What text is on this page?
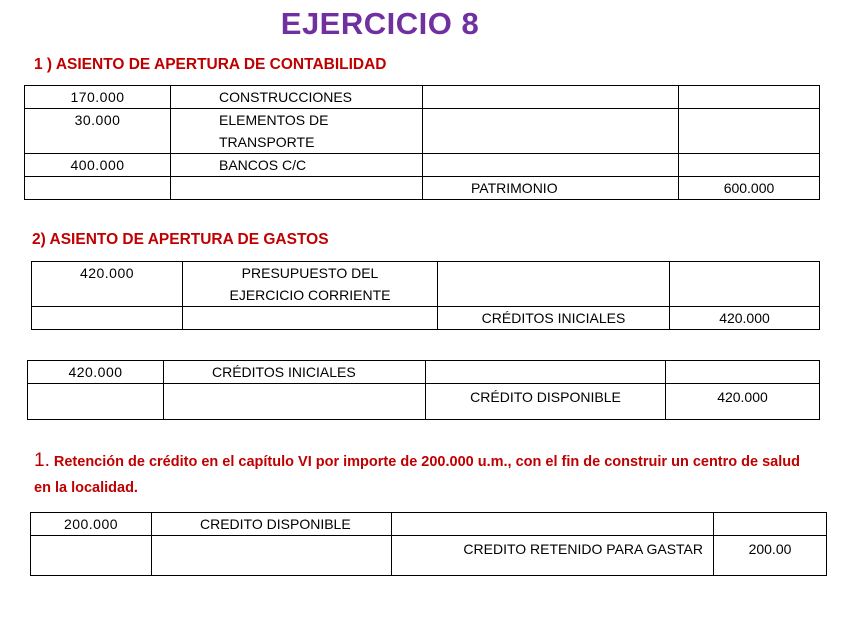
EJERCICIO 8
1 ) ASIENTO DE APERTURA DE CONTABILIDAD
170.000	CONSTRUCCIONES		
30.000	ELEMENTOS DE
TRANSPORTE		

400.000	BANCOS C/C		
		PATRIMONIO	600.000
2) ASIENTO DE APERTURA DE GASTOS
420.000	PRESUPUESTO DEL
EJERCICIO CORRIENTE		

		CRÉDITOS INICIALES	420.000
420.000	CRÉDITOS INICIALES		
		CRÉDITO DISPONIBLE	420.000
1. Retención de crédito en el capítulo VI por importe de 200.000 u.m., con el fin de construir un centro de salud en la localidad.
200.000	CREDITO DISPONIBLE		
		CREDITO RETENIDO PARA GASTAR	200.00
